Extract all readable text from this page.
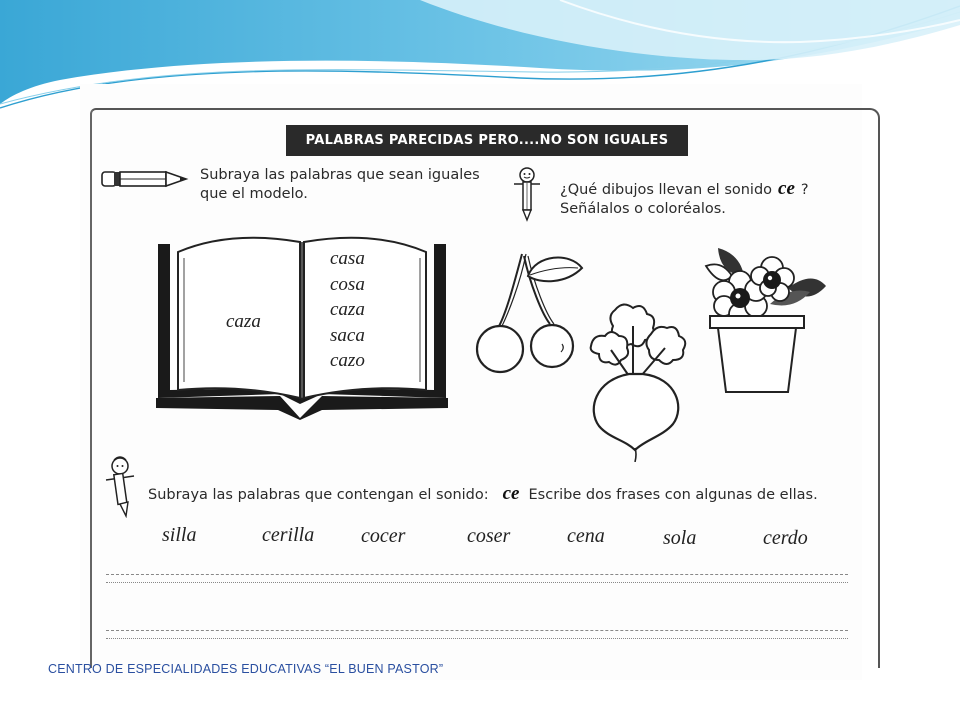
PALABRAS PARECIDAS PERO....NO SON IGUALES
Subraya las palabras que sean iguales que el modelo.	¿Qué dibujos llevan el sonido ce ?
Señálalos o coloréalos.
caza
casa
cosa
caza
saca
cazo
Subraya las palabras que contengan el sonido: ce Escribe dos frases con algunas de ellas.
silla	cerilla cocer	coser	cena	sola	cerdo
CENTRO DE ESPECIALIDADES EDUCATIVAS “EL BUEN PASTOR”
